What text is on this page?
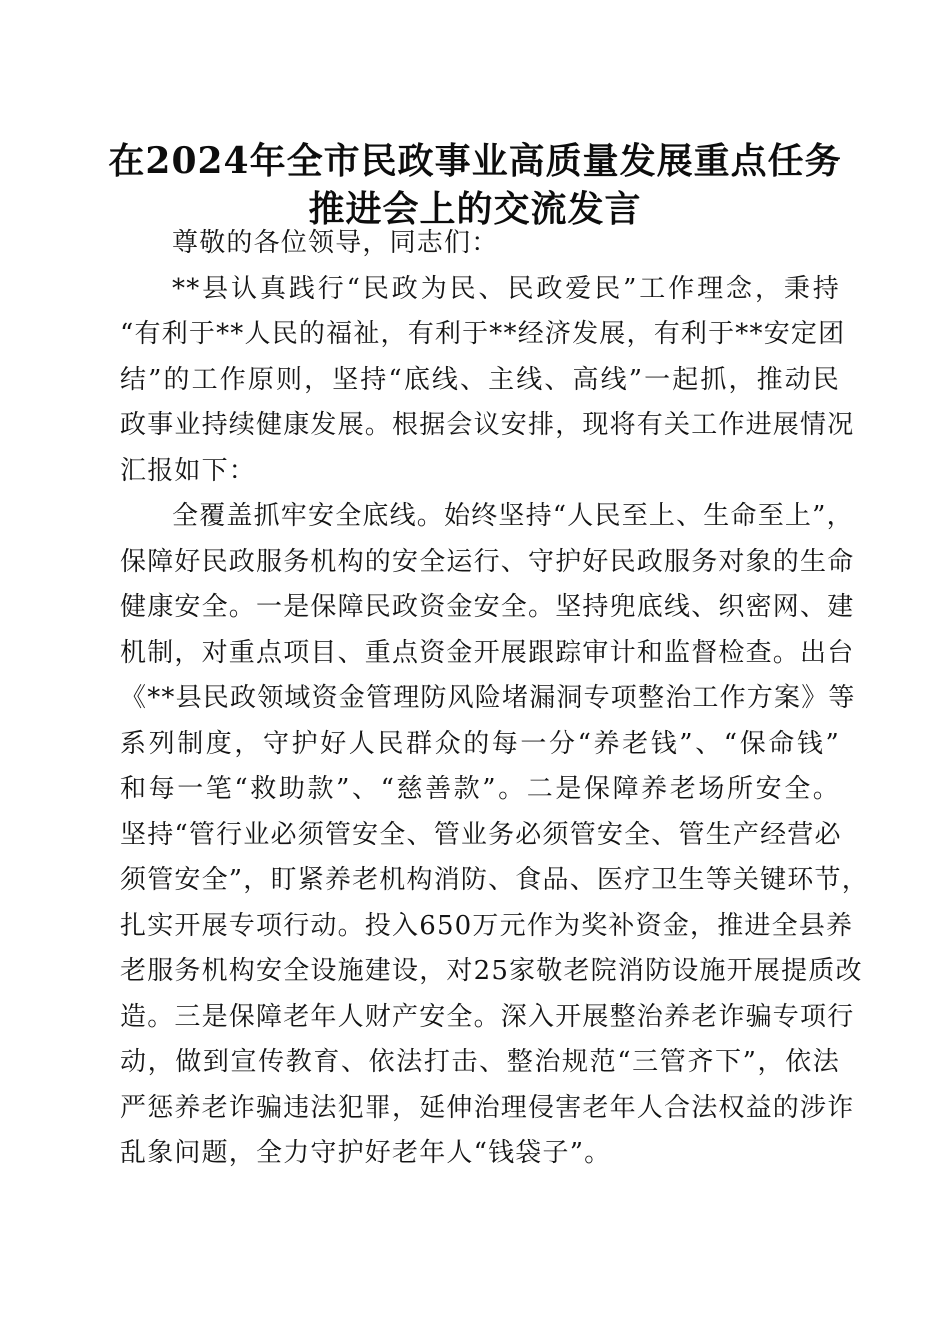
在2024年全市民政事业高质量发展重点任务
推进会上的交流发言
尊敬的各位领导，同志们：
**县认真践行“民政为民、民政爱民”工作理念，秉持
“有利于**人民的福祉，有利于**经济发展，有利于**安定团
结”的工作原则，坚持“底线、主线、高线”一起抓，推动民
政事业持续健康发展。根据会议安排，现将有关工作进展情况
汇报如下：
全覆盖抓牢安全底线。始终坚持“人民至上、生命至上”，
保障好民政服务机构的安全运行、守护好民政服务对象的生命
健康安全。一是保障民政资金安全。坚持兜底线、织密网、建
机制，对重点项目、重点资金开展跟踪审计和监督检查。出台
《**县民政领域资金管理防风险堵漏洞专项整治工作方案》等
系列制度，守护好人民群众的每一分“养老钱”、“保命钱”
和每一笔“救助款”、“慈善款”。二是保障养老场所安全。
坚持“管行业必须管安全、管业务必须管安全、管生产经营必
须管安全”，盯紧养老机构消防、食品、医疗卫生等关键环节，
扎实开展专项行动。投入650万元作为奖补资金，推进全县养
老服务机构安全设施建设，对25家敬老院消防设施开展提质改
造。三是保障老年人财产安全。深入开展整治养老诈骗专项行
动，做到宣传教育、依法打击、整治规范“三管齐下”，依法
严惩养老诈骗违法犯罪，延伸治理侵害老年人合法权益的涉诈
乱象问题，全力守护好老年人“钱袋子”。
